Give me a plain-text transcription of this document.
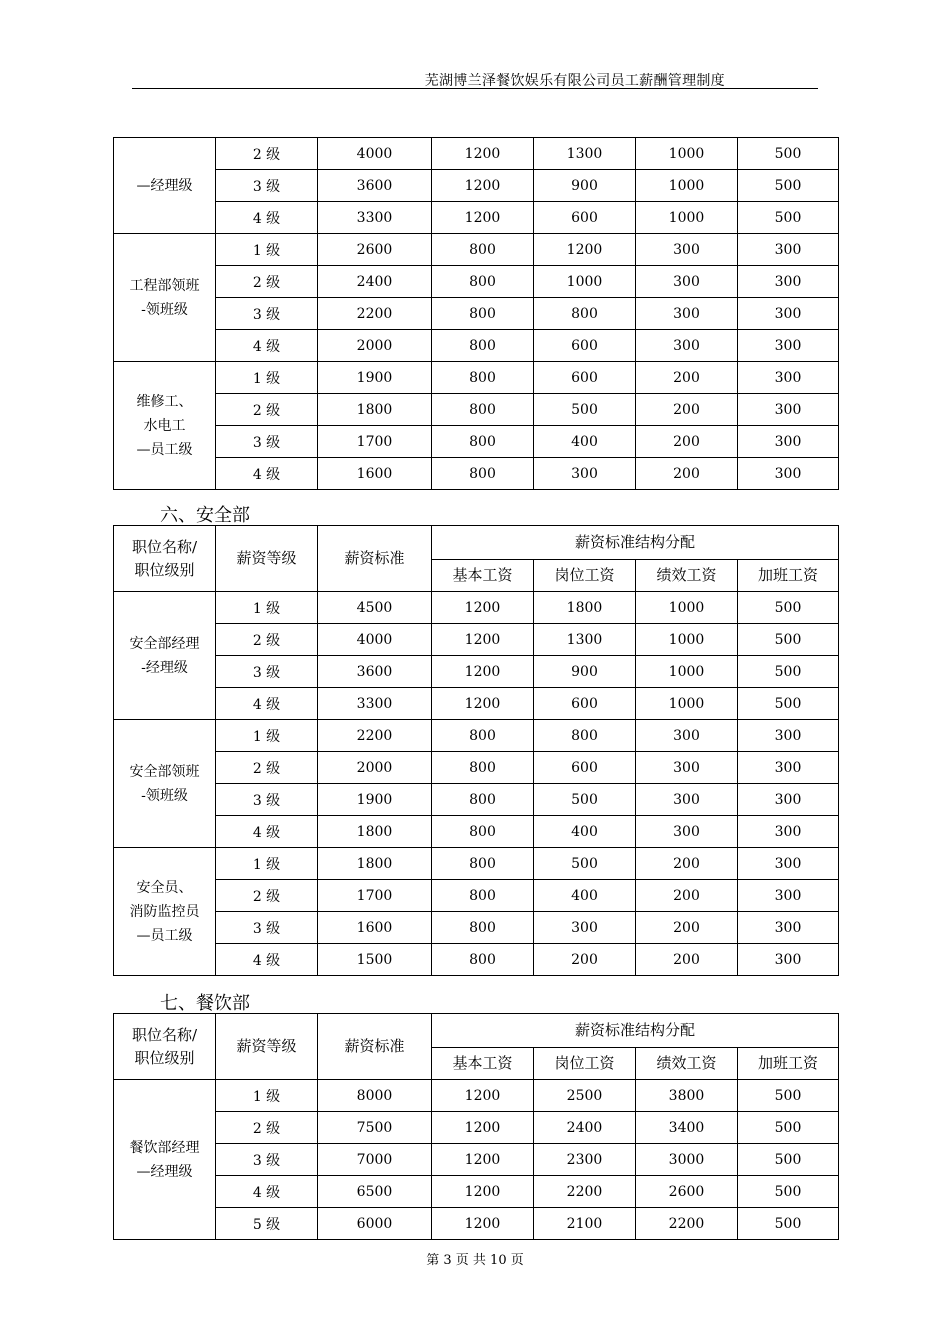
芜湖博兰泽餐饮娱乐有限公司员工薪酬管理制度
—经理级	2 级	4000	1200	1300	1000	500
	3 级	3600	1200	900	1000	500
	4 级	3300	1200	600	1000	500

工程部领班
-领班级	1 级	2600	800	1200	300	300
	2 级	2400	800	1000	300	300
	3 级	2200	800	800	300	300
	4 级	2000	800	600	300	300

维修工、
水电工
—员工级	1 级	1900	800	600	200	300
	2 级	1800	800	500	200	300
	3 级	1700	800	400	200	300
	4 级	1600	800	300	200	300
六、安全部
职位名称/
职位级别	薪资等级	薪资标准	薪资标准结构分配			
			基本工资	岗位工资	绩效工资	加班工资

安全部经理
-经理级	1 级	4500	1200	1800	1000	500
	2 级	4000	1200	1300	1000	500
	3 级	3600	1200	900	1000	500
	4 级	3300	1200	600	1000	500

安全部领班
-领班级	1 级	2200	800	800	300	300
	2 级	2000	800	600	300	300
	3 级	1900	800	500	300	300
	4 级	1800	800	400	300	300

安全员、
消防监控员
—员工级	1 级	1800	800	500	200	300
	2 级	1700	800	400	200	300
	3 级	1600	800	300	200	300
	4 级	1500	800	200	200	300
七、餐饮部
职位名称/
职位级别	薪资等级	薪资标准	薪资标准结构分配			
			基本工资	岗位工资	绩效工资	加班工资

餐饮部经理
—经理级	1 级	8000	1200	2500	3800	500
	2 级	7500	1200	2400	3400	500
	3 级	7000	1200	2300	3000	500
	4 级	6500	1200	2200	2600	500
	5 级	6000	1200	2100	2200	500
第 3 页 共 10 页
